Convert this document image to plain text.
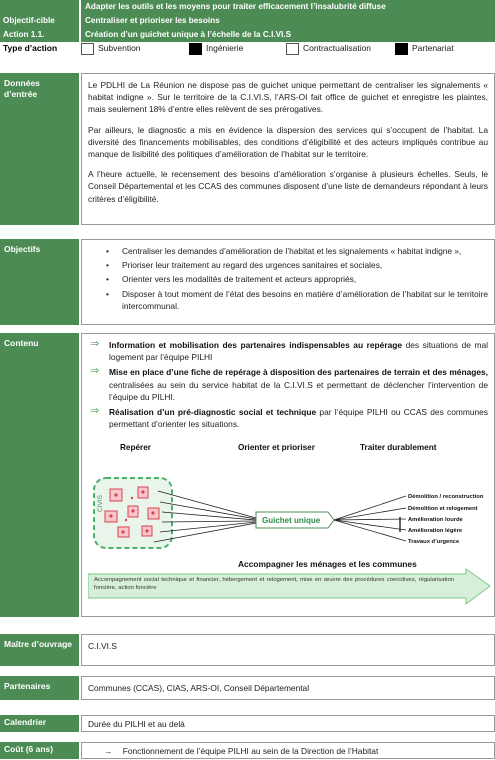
Adapter les outils et les moyens pour traiter efficacement l’insalubrité diffuse
Objectif-cible	Centraliser et prioriser les besoins
Action 1.1.	Création d’un guichet unique à l’échelle de la C.I.VI.S
Type d’action	Subvention	Ingénierie	Contractualisation	Partenariat
Données d’entrée

Le PDLHI de La Réunion ne dispose pas de guichet unique permettant de centraliser les signalements « habitat indigne ». Sur le territoire de la C.I.VI.S, l’ARS-OI fait office de guichet et enregistre les plaintes, mais seulement 18% d’entre elles relèvent de ses prérogatives.

Par ailleurs, le diagnostic a mis en évidence la dispersion des services qui s’occupent de l’habitat. La diversité des financements mobilisables, des conditions d’éligibilité et des acteurs impliqués contribue au manque de lisibilité des politiques d’amélioration de l’habitat sur le territoire.

A l’heure actuelle, le recensement des besoins d’amélioration s’organise à plusieurs échelles. Seuls, le Conseil Départemental et les CCAS des communes disposent d’une liste de demandeurs répondant à leurs critères d’éligibilité.

Objectifs
•	Centraliser les demandes d’amélioration de l’habitat et les signalements « habitat indigne »,
• Prioriser leur traitement au regard des urgences sanitaires et sociales,
• Orienter vers les modalités de traitement et acteurs appropriés,
• Disposer à tout moment de l’état des besoins en matière d’amélioration de l’habitat sur le territoire intercommunal.
Contenu	⇒ Information et mobilisation des partenaires indispensables au repérage des situations de mal logement par l’équipe PILHI
⇒ Mise en place d’une fiche de repérage à disposition des partenaires de terrain et des ménages, centralisées au sein du service habitat de la C.I.VI.S et permettant de déclencher l’intervention de l’équipe du PILHI.
⇒ Réalisation d’un pré-diagnostic social et technique par l’équipe PILHI ou CCAS des communes permettant d’orienter les situations.
Repérer	Orienter et prioriser	Traiter durablement
CIVIS
Guichet unique
Démolition / reconstruction
Démolition et relogement
Amélioration lourde
Amélioration légère
Travaux d’urgence
Accompagner les ménages et les communes
Accompagnement social technique et financier, hébergement et relogement, mise en œuvre des procédures coercitives, régularisation foncière, action foncière
Maître d’ouvrage	C.I.VI.S
Partenaires	Communes (CCAS), CIAS, ARS-OI, Conseil Départemental
Calendrier	Durée du PILHI et au delà
Coût (6 ans)	→ Fonctionnement de l’équipe PILHI au sein de la Direction de l’Habitat
